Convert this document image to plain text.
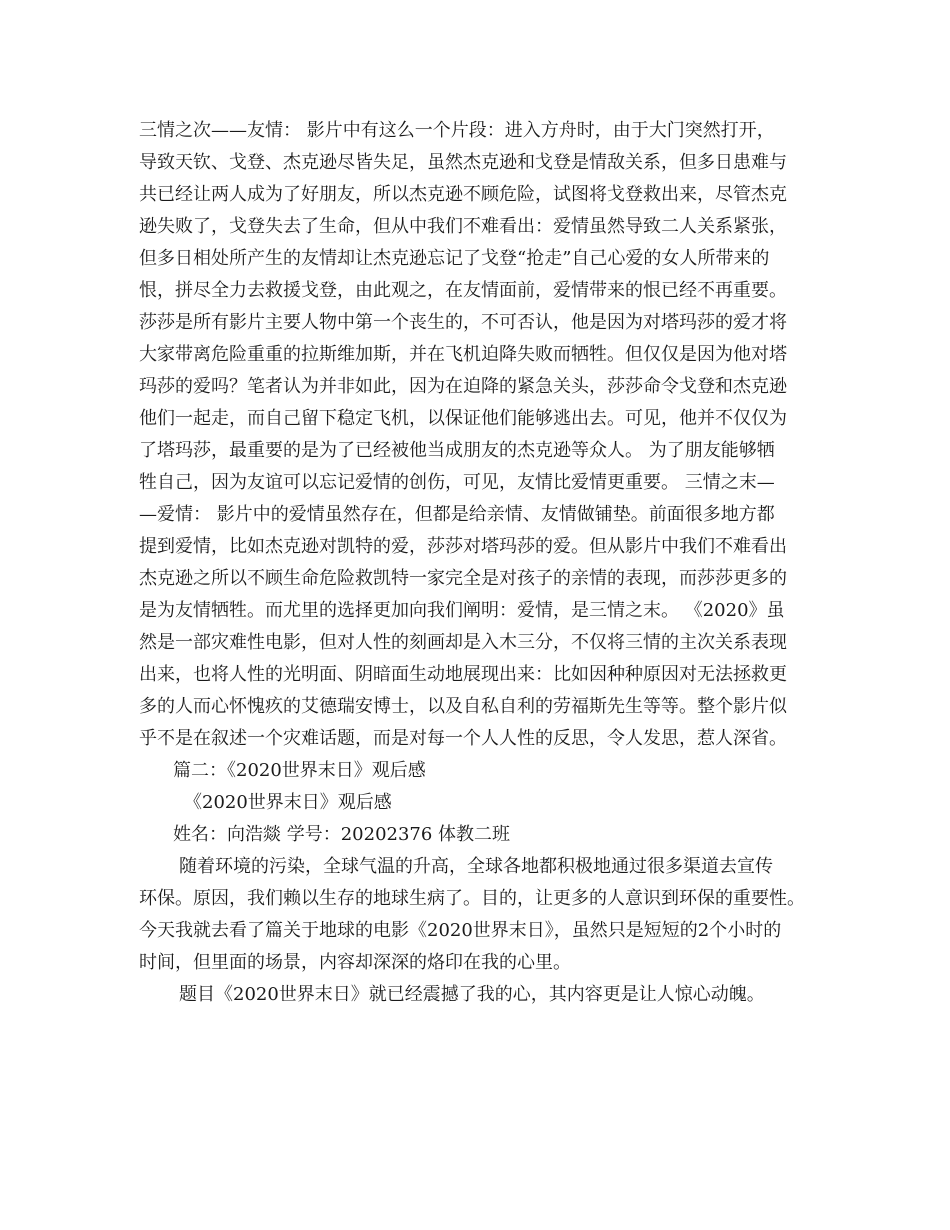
三情之次——友情： 影片中有这么一个片段：进入方舟时，由于大门突然打开，
导致天钦、戈登、杰克逊尽皆失足，虽然杰克逊和戈登是情敌关系，但多日患难与
共已经让两人成为了好朋友，所以杰克逊不顾危险，试图将戈登救出来，尽管杰克
逊失败了，戈登失去了生命，但从中我们不难看出：爱情虽然导致二人关系紧张，
但多日相处所产生的友情却让杰克逊忘记了戈登“抢走”自己心爱的女人所带来的
恨，拼尽全力去救援戈登，由此观之，在友情面前，爱情带来的恨已经不再重要。
莎莎是所有影片主要人物中第一个丧生的，不可否认，他是因为对塔玛莎的爱才将
大家带离危险重重的拉斯维加斯，并在飞机迫降失败而牺牲。但仅仅是因为他对塔
玛莎的爱吗？笔者认为并非如此，因为在迫降的紧急关头，莎莎命令戈登和杰克逊
他们一起走，而自己留下稳定飞机，以保证他们能够逃出去。可见，他并不仅仅为
了塔玛莎，最重要的是为了已经被他当成朋友的杰克逊等众人。 为了朋友能够牺
牲自己，因为友谊可以忘记爱情的创伤，可见，友情比爱情更重要。 三情之末—
—爱情： 影片中的爱情虽然存在，但都是给亲情、友情做铺垫。前面很多地方都
提到爱情，比如杰克逊对凯特的爱，莎莎对塔玛莎的爱。但从影片中我们不难看出
杰克逊之所以不顾生命危险救凯特一家完全是对孩子的亲情的表现，而莎莎更多的
是为友情牺牲。而尤里的选择更加向我们阐明：爱情，是三情之末。 《2020》虽
然是一部灾难性电影，但对人性的刻画却是入木三分，不仅将三情的主次关系表现
出来，也将人性的光明面、阴暗面生动地展现出来：比如因种种原因对无法拯救更
多的人而心怀愧疚的艾德瑞安博士，以及自私自利的劳福斯先生等等。整个影片似
乎不是在叙述一个灾难话题，而是对每一个人人性的反思，令人发思，惹人深省。
篇二：《2020世界末日》观后感
《2020世界末日》观后感
姓名：向浩燚 学号：20202376 体教二班
随着环境的污染，全球气温的升高，全球各地都积极地通过很多渠道去宣传
环保。原因，我们赖以生存的地球生病了。目的，让更多的人意识到环保的重要性。
今天我就去看了篇关于地球的电影《2020世界末日》，虽然只是短短的2个小时的
时间，但里面的场景，内容却深深的烙印在我的心里。
题目《2020世界末日》就已经震撼了我的心，其内容更是让人惊心动魄。
